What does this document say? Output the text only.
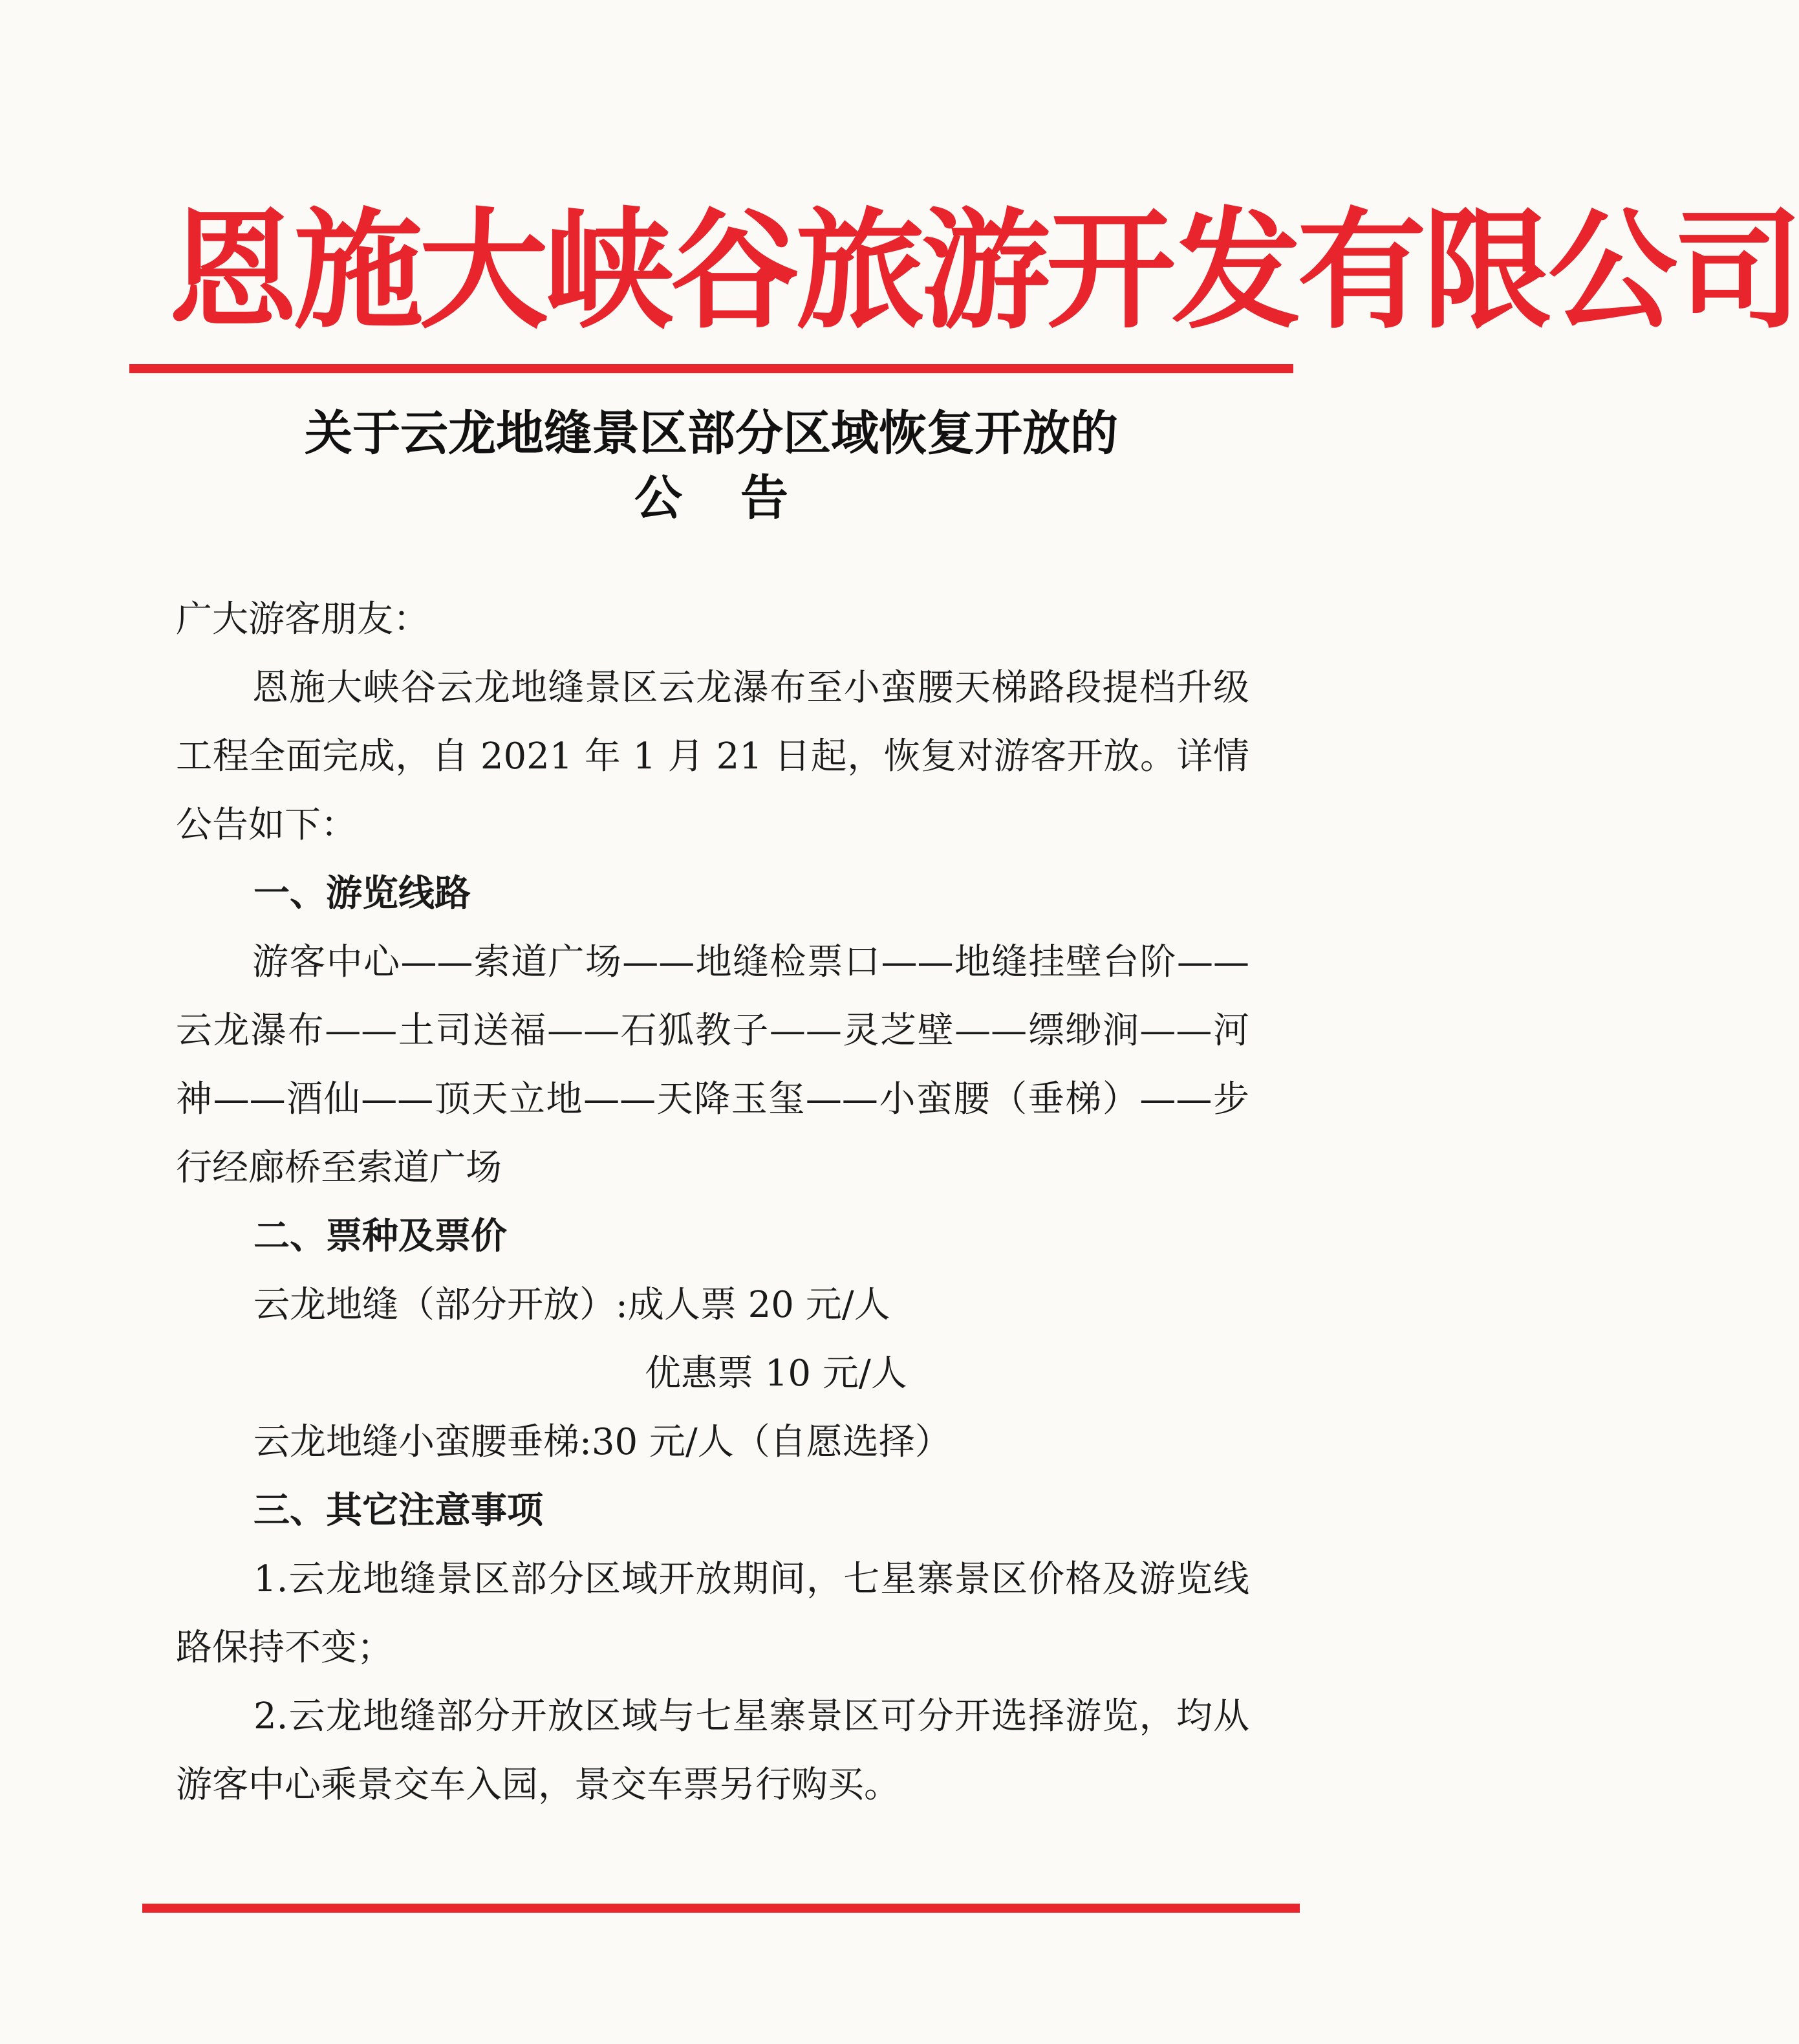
恩施大峡谷旅游开发有限公司
关于云龙地缝景区部分区域恢复开放的
公告

广大游客朋友：

恩施大峡谷云龙地缝景区云龙瀑布至小蛮腰天梯路段提档升级工程全面完成，自 2021 年 1 月 21 日起，恢复对游客开放。详情公告如下：

一、游览线路

游客中心——索道广场——地缝检票口——地缝挂壁台阶——云龙瀑布——土司送福——石狐教子——灵芝壁——缥缈涧——河神——酒仙——顶天立地——天降玉玺——小蛮腰（垂梯）——步行经廊桥至索道广场

二、票种及票价

云龙地缝（部分开放）:成人票 20 元/人

优惠票 10 元/人

云龙地缝小蛮腰垂梯:30 元/人（自愿选择）

三、其它注意事项

1.云龙地缝景区部分区域开放期间，七星寨景区价格及游览线路保持不变；

2.云龙地缝部分开放区域与七星寨景区可分开选择游览，均从游客中心乘景交车入园，景交车票另行购买。
